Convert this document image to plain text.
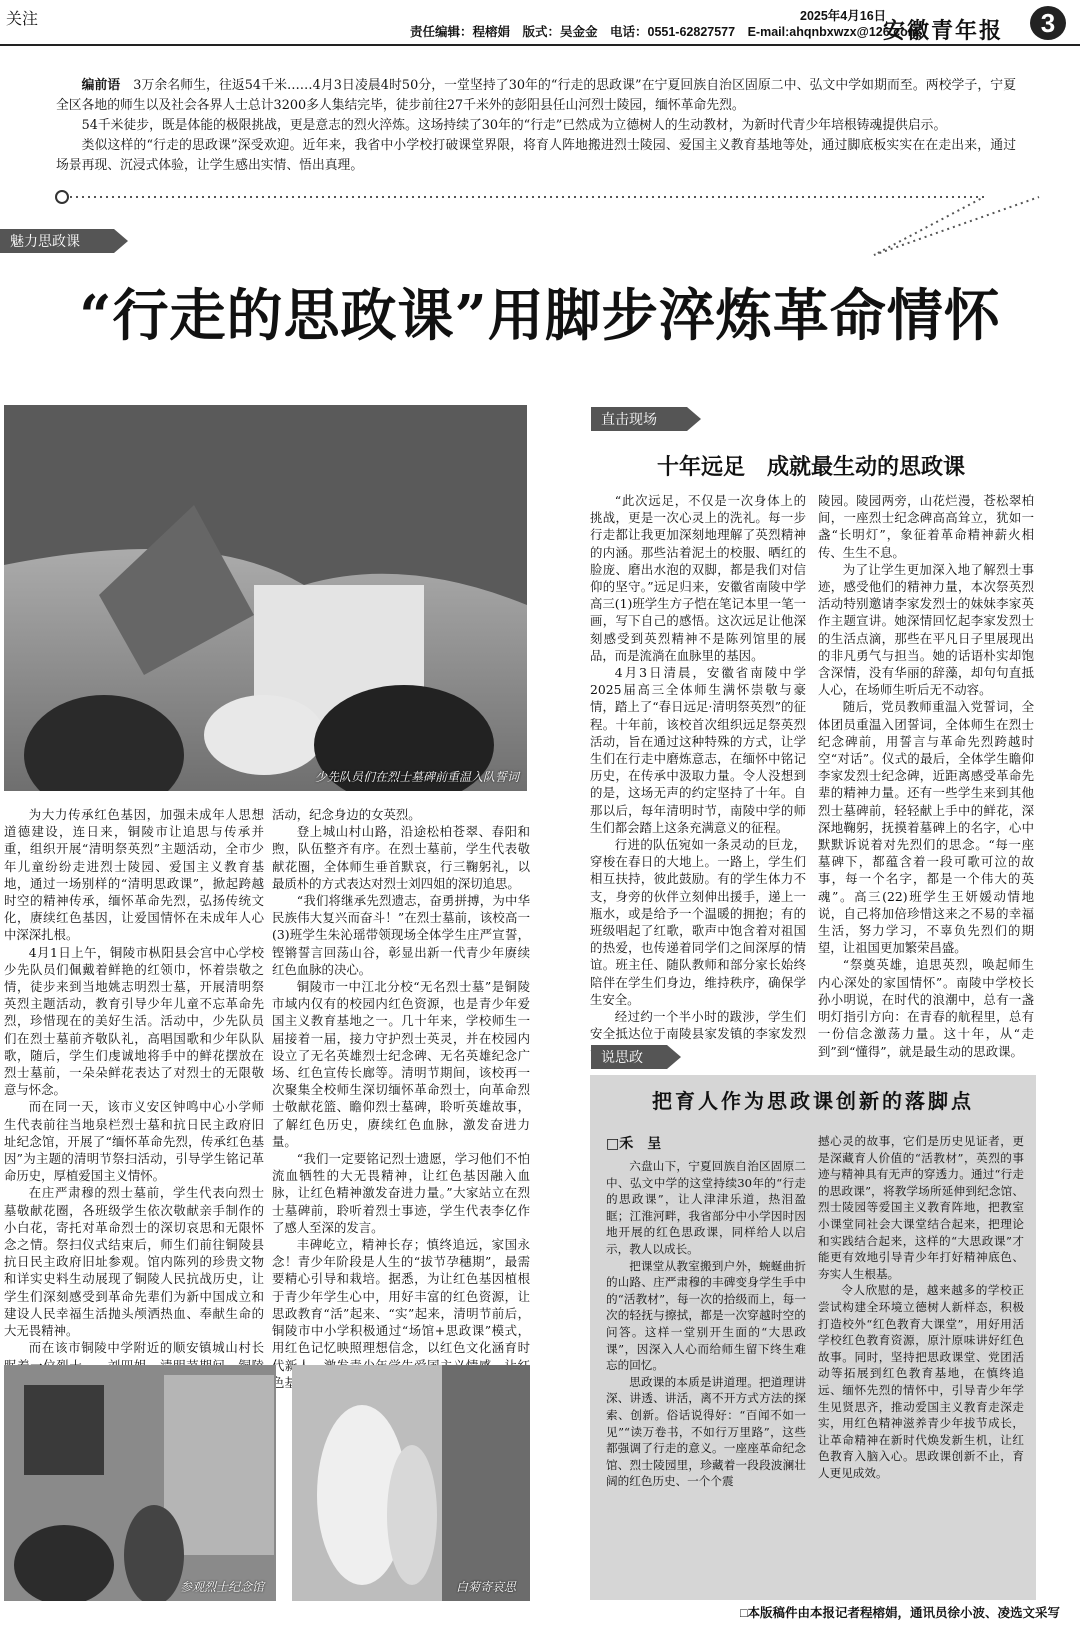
关注	2025年4月16日
责任编辑：程榕娟　版式：吴金金　电话：0551-62827577　E-mail:ahqnbxwzx@126.com
安徽青年报	3

编前语　 3万余名师生，往返54千米……4月3日凌晨4时50分，一堂坚持了30年的“行走的思政课”在宁夏回族自治区固原二中、弘文中学如期而至。两校学子，宁夏全区各地的师生以及社会各界人士总计3200多人集结完毕，徒步前往27千米外的彭阳县任山河烈士陵园，缅怀革命先烈。

54千米徒步，既是体能的极限挑战，更是意志的烈火淬炼。这场持续了30年的“行走”已然成为立德树人的生动教材，为新时代青少年培根铸魂提供启示。

类似这样的“行走的思政课”深受欢迎。近年来，我省中小学校打破课堂界限，将育人阵地搬进烈士陵园、爱国主义教育基地等处，通过脚底板实实在在走出来，通过场景再现、沉浸式体验，让学生感出实情、悟出真理。

魅力思政课
“行走的思政课”用脚步淬炼革命情怀
少先队员们在烈士墓碑前重温入队誓词

为大力传承红色基因，加强未成年人思想道德建设，连日来，铜陵市让追思与传承并重，组织开展“清明祭英烈”主题活动，全市少年儿童纷纷走进烈士陵园、爱国主义教育基地，通过一场别样的“清明思政课”，掀起跨越时空的精神传承，缅怀革命先烈，弘扬传统文化，赓续红色基因，让爱国情怀在未成年人心中深深扎根。

4月1日上午，铜陵市枞阳县会宫中心学校少先队员们佩戴着鲜艳的红领巾，怀着崇敬之情，徒步来到当地姚志明烈士墓，开展清明祭英烈主题活动，教育引导少年儿童不忘革命先烈，珍惜现在的美好生活。活动中，少先队员们在烈士墓前齐敬队礼，高唱国歌和少年队队歌，随后，学生们虔诚地将手中的鲜花摆放在烈士墓前，一朵朵鲜花表达了对烈士的无限敬意与怀念。

而在同一天，该市义安区钟鸣中心小学师生代表前往当地泉栏烈士墓和抗日民主政府旧址纪念馆，开展了“缅怀革命先烈，传承红色基因”为主题的清明节祭扫活动，引导学生铭记革命历史，厚植爱国主义情怀。

在庄严肃穆的烈士墓前，学生代表向烈士墓敬献花圈，各班级学生依次敬献亲手制作的小白花，寄托对革命烈士的深切哀思和无限怀念之情。祭扫仪式结束后，师生们前往铜陵县抗日民主政府旧址参观。馆内陈列的珍贵文物和详实史料生动展现了铜陵人民抗战历史，让学生们深刻感受到革命先辈们为新中国成立和建设人民幸福生活抛头颅洒热血、奉献生命的大无畏精神。

而在该市铜陵中学附近的顺安镇城山村长

活动，纪念身边的女英烈。

登上城山村山路，沿途松柏苍翠、春阳和煦，队伍整齐有序。在烈士墓前，学生代表敬献花圈，全体师生垂首默哀，行三鞠躬礼，以最质朴的方式表达对烈士刘四姐的深切追思。

“我们将继承先烈遗志，奋勇拼搏，为中华民族伟大复兴而奋斗！”在烈士墓前，该校高一(3)班学生朱沁瑶带领现场全体学生庄严宣誓，铿锵誓言回荡山谷，彰显出新一代青少年赓续红色血脉的决心。

铜陵市一中江北分校“无名烈士墓”是铜陵市域内仅有的校园内红色资源，也是青少年爱国主义教育基地之一。几十年来，学校师生一届接着一届，接力守护烈士英灵，并在校园内设立了无名英雄烈士纪念碑、无名英雄纪念广场、红色宣传长廊等。清明节期间，该校再一次聚集全校师生深切缅怀革命烈士，向革命烈士敬献花篮、瞻仰烈士墓碑，聆听英雄故事，了解红色历史，赓续红色血脉，激发奋进力量。

“我们一定要铭记烈士遗愿，学习他们不怕流血牺牲的大无畏精神，让红色基因融入血脉，让红色精神激发奋进力量。”大家站立在烈士墓碑前，聆听着烈士事迹，学生代表李亿作了感人至深的发言。

丰碑屹立，精神长存；慎终追远，家国永念！青少年阶段是人生的“拔节孕穗期”，最需要精心引导和栽培。据悉，为让红色基因植根于青少年学生心中，用好丰富的红色资源，让思政教育“活”起来、“实”起来，清明节前后，铜陵市中小学积极通过“场馆+思政课”模式，用红色记忆映照理想信念，以红色文化涵育时代 色基因

参观烈士纪念馆	白菊寄哀思
直击现场
十年远足　成就最生动的思政课

“此次远足，不仅是一次身体上的挑战，更是一次心灵上的洗礼。每一步行走都让我更加深刻地理解了英烈精神的内涵。那些沾着泥土的校服、晒红的脸庞、磨出水泡的双脚，都是我们对信仰的坚守。”远足归来，安徽省南陵中学高三(1)班学生方子恺在笔记本里一笔一画，写下自己的感悟。这次远足让他深刻感受到英烈精神不是陈列馆里的展品，而是流淌在血脉里的基因。

4月3日清晨，安徽省南陵中学2025届高三全体师生满怀崇敬与豪情，踏上了“春日远足·清明祭英烈”的征程。十年前，该校首次组织远足祭英烈活动，旨在通过这种特殊的方式，让学生们在行走中磨炼意志，在缅怀中铭记历史，在传承中汲取力量。令人没想到的是，这场无声的约定坚持了十年。自那以后，每年清明时节，南陵中学的师生们都会踏上这条充满意义的征程。

行进的队伍宛如一条灵动的巨龙，穿梭在春日的大地上。一路上，学生们相互扶持，彼此鼓励。有的学生体力不支，身旁的伙伴立刻伸出援手，递上一瓶水，或是给予一个温暖的拥抱；有的班级唱起了红歌，歌声中饱含着对祖国的热爱，也传递着同学们之间深厚的情谊。班主任、随队教师和部分家长始终陪伴在学生们身边，维持秩序，确保学生安全。

经过约一个半小时的跋涉，学生们安全抵达位于南陵县家发镇的李家发烈

陵园。陵园两旁，山花烂漫，苍松翠柏间，一座烈士纪念碑高高耸立，犹如一盏“长明灯”，象征着革命精神薪火相传、生生不息。

为了让学生更加深入地了解烈士事迹，感受他们的精神力量，本次祭英烈活动特别邀请李家发烈士的妹妹李家英作主题宣讲。她深情回忆起李家发烈士的生活点滴，那些在平凡日子里展现出的非凡勇气与担当。她的话语朴实却饱含深情，没有华丽的辞藻，却句句直抵人心，在场师生听后无不动容。

随后，党员教师重温入党誓词，全体团员重温入团誓词，全体师生在烈士纪念碑前，用誓言与革命先烈跨越时空“对话”。仪式的最后，全体学生瞻仰李家发烈士纪念碑，近距离感受革命先辈的精神力量。还有一些学生来到其他烈士墓碑前，轻轻献上手中的鲜花，深深地鞠躬，抚摸着墓碑上的名字，心中默默诉说着对先烈们的思念。“每一座墓碑下，都蕴含着一段可歌可泣的故事，每一个名字，都是一个伟大的英魂”。高三(22)班学生王妍媛动情地说，自己将加倍珍惜这来之不易的幸福生活，努力学习，不辜负先烈们的期望，让祖国更加繁荣昌盛。

“祭奠英雄，追思英烈，唤起师生内心深处的家国情怀”。南陵中学校长孙小明说，在时代的浪潮中，总有一盏明灯指引方向：在青春的航程里，总有一份信念激荡力量。这十年，从“走到”到“懂得”，就是最生动的思政课。

说思政
把育人作为思政课创新的落脚点
□禾　呈

六盘山下，宁夏回族自治区固原二中、弘文中学的这堂持续30年的“行走的思政课”，让人津津乐道，热泪盈眶；江淮河畔，我省部分中小学因时因地开展的红色思政课，同样给人以启示，教人以成长。

把课堂从教室搬到户外，蜿蜒曲折的山路、庄严肃穆的丰碑变身学生手中的“活教材”，每一次的拾级而上，每一次的轻抚与擦拭，都是一次穿越时空的问答。这样一堂别开生面的“大思政课”，因深入人心而给师生留下终生难忘的回忆。

思政课的本质是讲道理。把道理讲深、讲透、讲活，离不开方式方法的探索、创新。俗话说得好：“百闻不如一见”“读万卷书，不如行万里路”，这些都强调了行走的意义。一座座革命纪念馆、烈士陵园里，珍藏着一段段波澜壮阔的红色历史、一个个震

撼心灵的故事，它们是历史见证者，更是深藏育人价值的“活教材”，英烈的事迹与精神具有无声的穿透力。通过“行走的思政课”，将教学场所延伸到纪念馆、烈士陵园等爱国主义教育阵地，把教室小课堂同社会大课堂结合起来，把理论和实践结合起来，这样的“大思政课”才能更有效地引导青少年打好精神底色、夯实人生根基。

令人欣慰的是，越来越多的学校正尝试构建全环境立德树人新样态，积极打造校外“红色教育大课堂”，用好用活学校红色教育资源，原汁原味讲好红色故事。同时，坚持把思政课堂、党团活动等拓展到红色教育基地，在慎终追远、缅怀先烈的情怀中，引导青少年学生见贤思齐，推动爱国主义教育走深走实，用红色精神滋养青少年拔节成长，让革命精神在新时代焕发新生机，让红色教育入脑入心。思政课创新不止，育人更见成效。

□本版稿件由本报记者程榕娟，通讯员徐小波、凌选文采写
